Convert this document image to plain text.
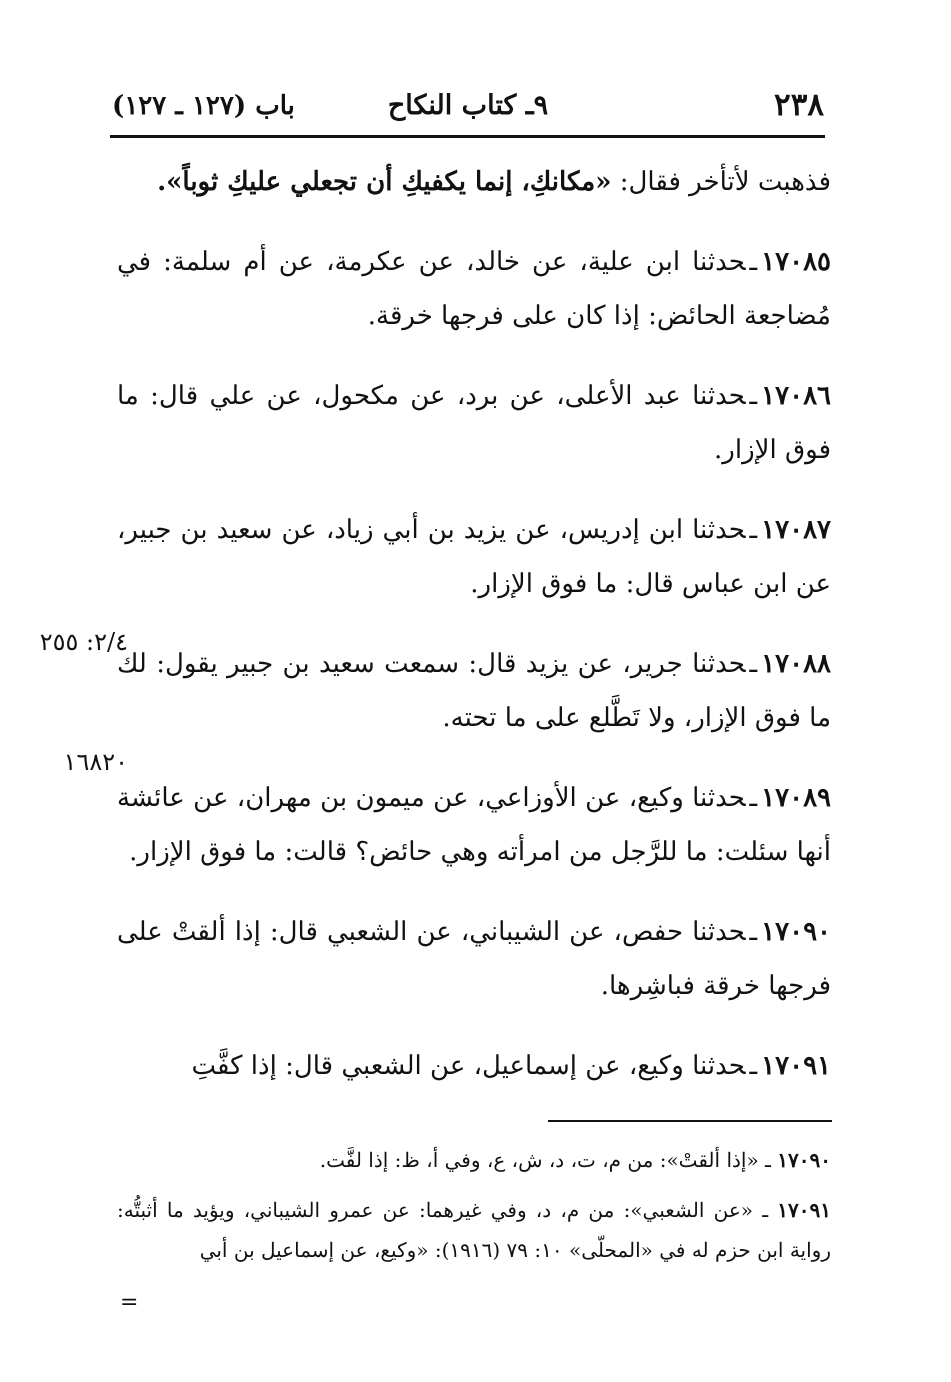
٢٣٨
٩ـ كتاب النكاح
باب (١٢٧ ـ ١٢٧)
٢/٤: ٢٥٥
١٦٨٢٠

فذهبت لأتأخر فقال: «مكانكِ، إنما يكفيكِ أن تجعلي عليكِ ثوباً».

١٧٠٨٥ـحدثنا ابن علية، عن خالد، عن عكرمة، عن أم سلمة: في مُضاجعة الحائض: إذا كان على فرجها خرقة.

١٧٠٨٦ـحدثنا عبد الأعلى، عن برد، عن مكحول، عن علي قال: ما فوق الإزار.

١٧٠٨٧ـحدثنا ابن إدريس، عن يزيد بن أبي زياد، عن سعيد بن جبير، عن ابن عباس قال: ما فوق الإزار.

١٧٠٨٨ـحدثنا جرير، عن يزيد قال: سمعت سعيد بن جبير يقول: لك ما فوق الإزار، ولا تَطَّلع على ما تحته.

١٧٠٨٩ـحدثنا وكيع، عن الأوزاعي، عن ميمون بن مهران، عن عائشة أنها سئلت: ما للرَّجل من امرأته وهي حائض؟ قالت: ما فوق الإزار.

١٧٠٩٠ـحدثنا حفص، عن الشيباني، عن الشعبي قال: إذا ألقتْ على فرجها خرقة فباشِرها.

١٧٠٩١ـحدثنا وكيع، عن إسماعيل، عن الشعبي قال: إذا كفَّتِ

١٧٠٩٠ ـ «إذا ألقتْ»: من م، ت، د، ش، ع، وفي أ، ظ: إذا لفَّت.

١٧٠٩١ ـ «عن الشعبي»: من م، د، وفي غيرهما: عن عمرو الشيباني، ويؤيد ما أثبتُّه: رواية ابن حزم له في «المحلّى» ١٠: ٧٩ (١٩١٦): «وكيع، عن إسماعيل بن أبي

=
